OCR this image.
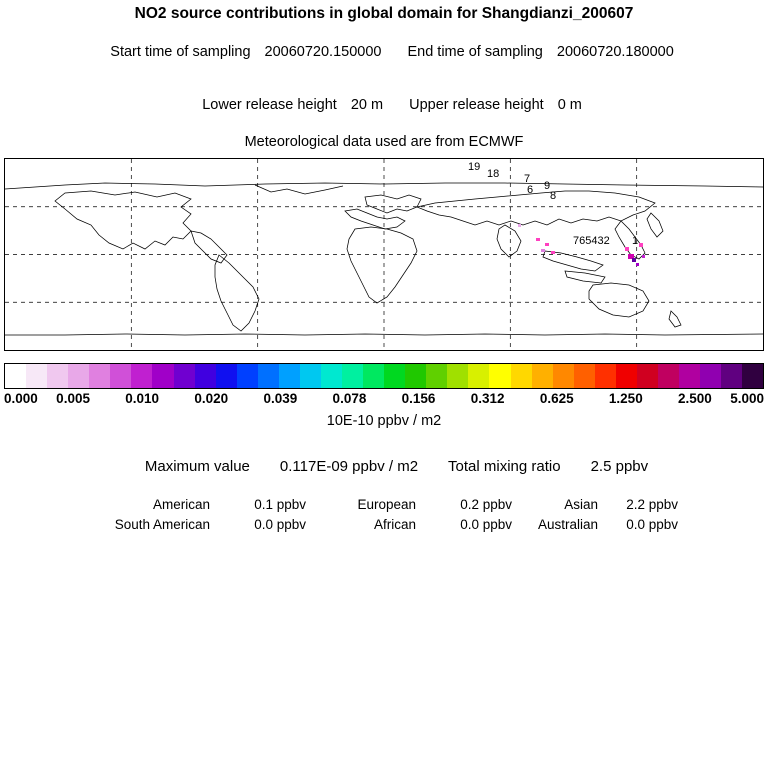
NO2 source contributions in global domain for Shangdianzi_200607

Start time of sampling 20060720.150000 End time of sampling 20060720.180000

Lower release height 20 m Upper release height 0 m

Meteorological data used are from ECMWF
19
18 7
6 9
8
765432 1
0.000 0.005	0.010	0.020	0.039	0.078	0.156	0.312	0.625	1.250	2.500 5.000
10E-10 ppbv / m2

Maximum value 0.117E-09 ppbv / m2 Total mixing ratio 2.5 ppbv

American	0.1 ppbv	European	0.2 ppbv	Asian	2.2 ppbv
South American	0.0 ppbv	African	0.0 ppbv	Australian	0.0 ppbv
